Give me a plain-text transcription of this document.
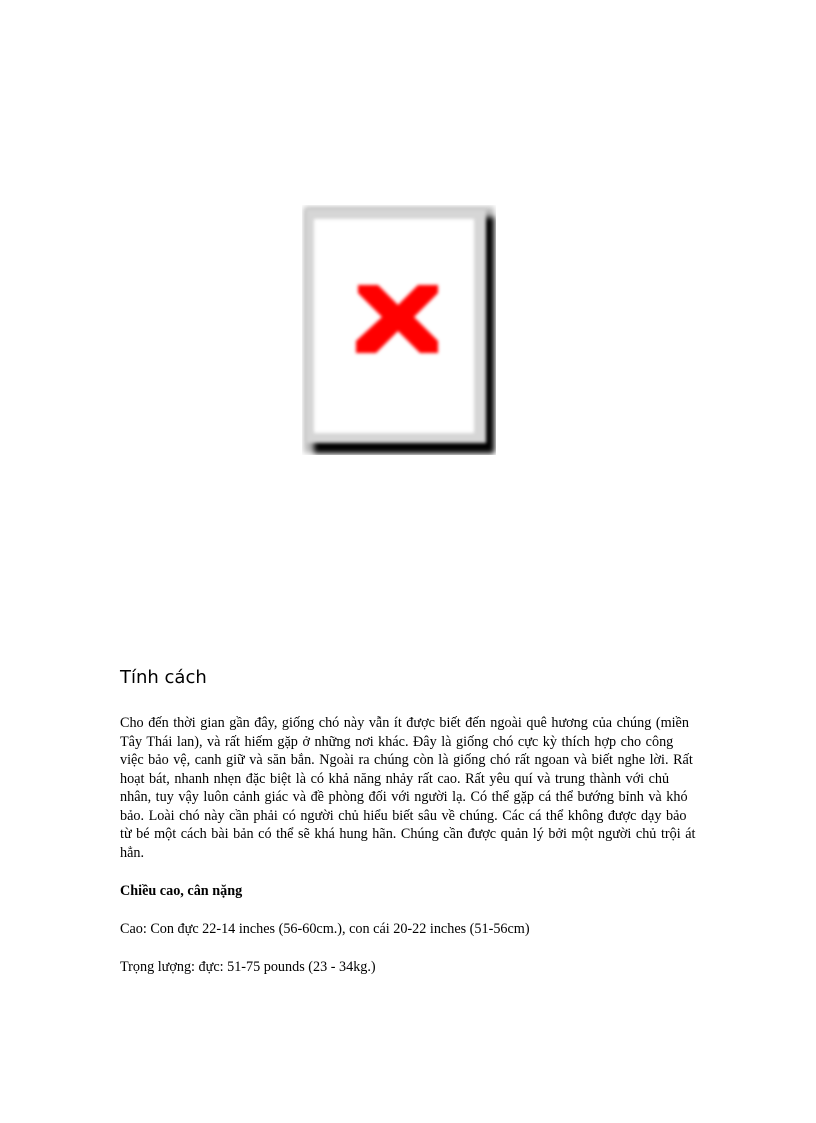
Tính cách

Cho đến thời gian gần đây, giống chó này vẫn ít được biết đến ngoài quê hương của chúng (miền Tây Thái lan), và rất hiếm gặp ở những nơi khác. Đây là giống chó cực kỳ thích hợp cho công việc bảo vệ, canh giữ và săn bắn. Ngoài ra chúng còn là giống chó rất ngoan và biết nghe lời. Rất hoạt bát, nhanh nhẹn đặc biệt là có khả năng nhảy rất cao. Rất yêu quí và trung thành với chủ nhân, tuy vậy luôn cảnh giác và đề phòng đối với người lạ. Có thể gặp cá thể bướng bỉnh và khó bảo. Loài chó này cần phải có người chủ hiểu biết sâu về chúng. Các cá thể không được dạy bảo từ bé một cách bài bản có thể sẽ khá hung hãn. Chúng cần được quản lý bởi một người chủ trội át hẳn.

Chiều cao, cân nặng

Cao: Con đực 22-14 inches (56-60cm.), con cái 20-22 inches (51-56cm)

Trọng lượng: đực: 51-75 pounds (23 - 34kg.)
